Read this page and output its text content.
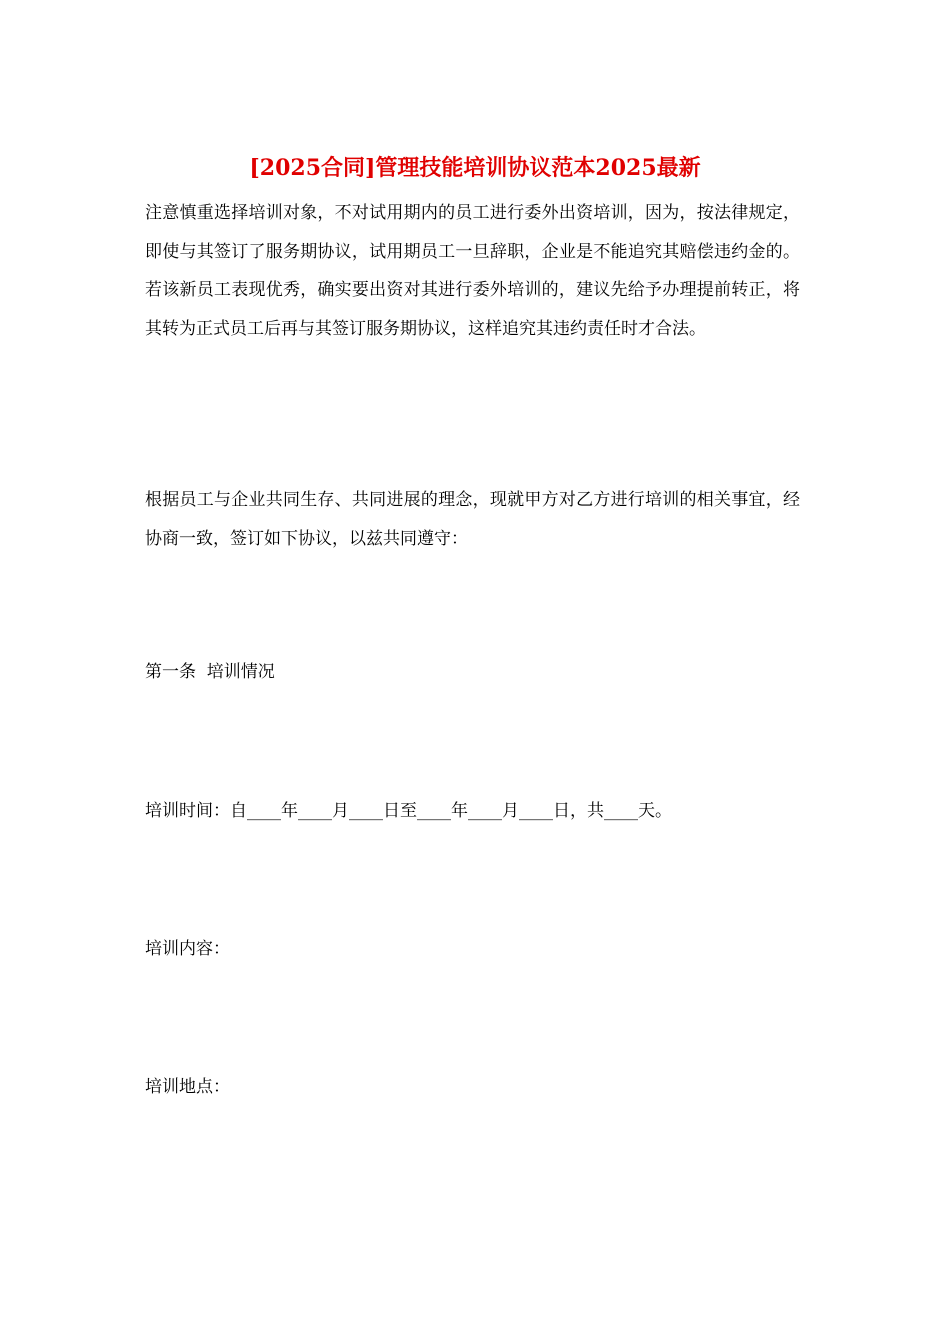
[2025合同]管理技能培训协议范本2025最新
注意慎重选择培训对象，不对试用期内的员工进行委外出资培训，因为，按法律规定，即使与其签订了服务期协议，试用期员工一旦辞职，企业是不能追究其赔偿违约金的。若该新员工表现优秀，确实要出资对其进行委外培训的，建议先给予办理提前转正，将其转为正式员工后再与其签订服务期协议，这样追究其违约责任时才合法。
根据员工与企业共同生存、共同进展的理念，现就甲方对乙方进行培训的相关事宜，经协商一致，签订如下协议，以兹共同遵守：
第一条  培训情况
培训时间：自____年____月____日至____年____月____日，共____天。
培训内容：
培训地点：
